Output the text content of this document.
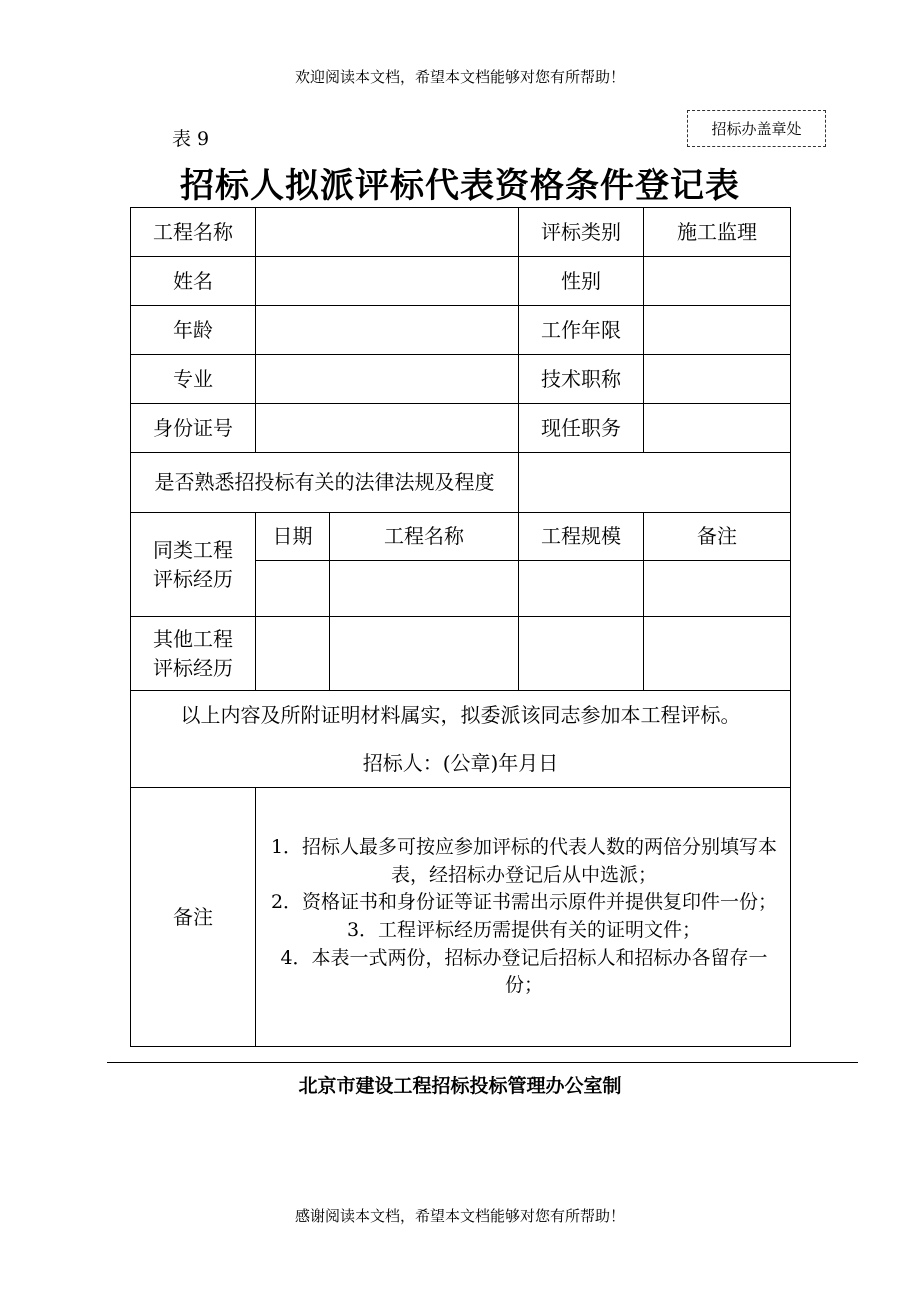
欢迎阅读本文档，希望本文档能够对您有所帮助！
表 9	招标办盖章处
招标人拟派评标代表资格条件登记表
工程名称			评标类别	施工监理
姓名			性别	
年龄			工作年限	
专业			技术职称	
身份证号			现任职务	
是否熟悉招投标有关的法律法规及程度				
同类工程评标经历	日期	工程名称	工程规模	备注

其他工程评标经历				

以上内容及所附证明材料属实，拟委派该同志参加本工程评标。
招标人：(公章)年月日				

备注	1．招标人最多可按应参加评标的代表人数的两倍分别填写本表，经招标办登记后从中选派；
2．资格证书和身份证等证书需出示原件并提供复印件一份；
3．工程评标经历需提供有关的证明文件；
4．本表一式两份，招标办登记后招标人和招标办各留存一份；			
北京市建设工程招标投标管理办公室制
感谢阅读本文档，希望本文档能够对您有所帮助！
